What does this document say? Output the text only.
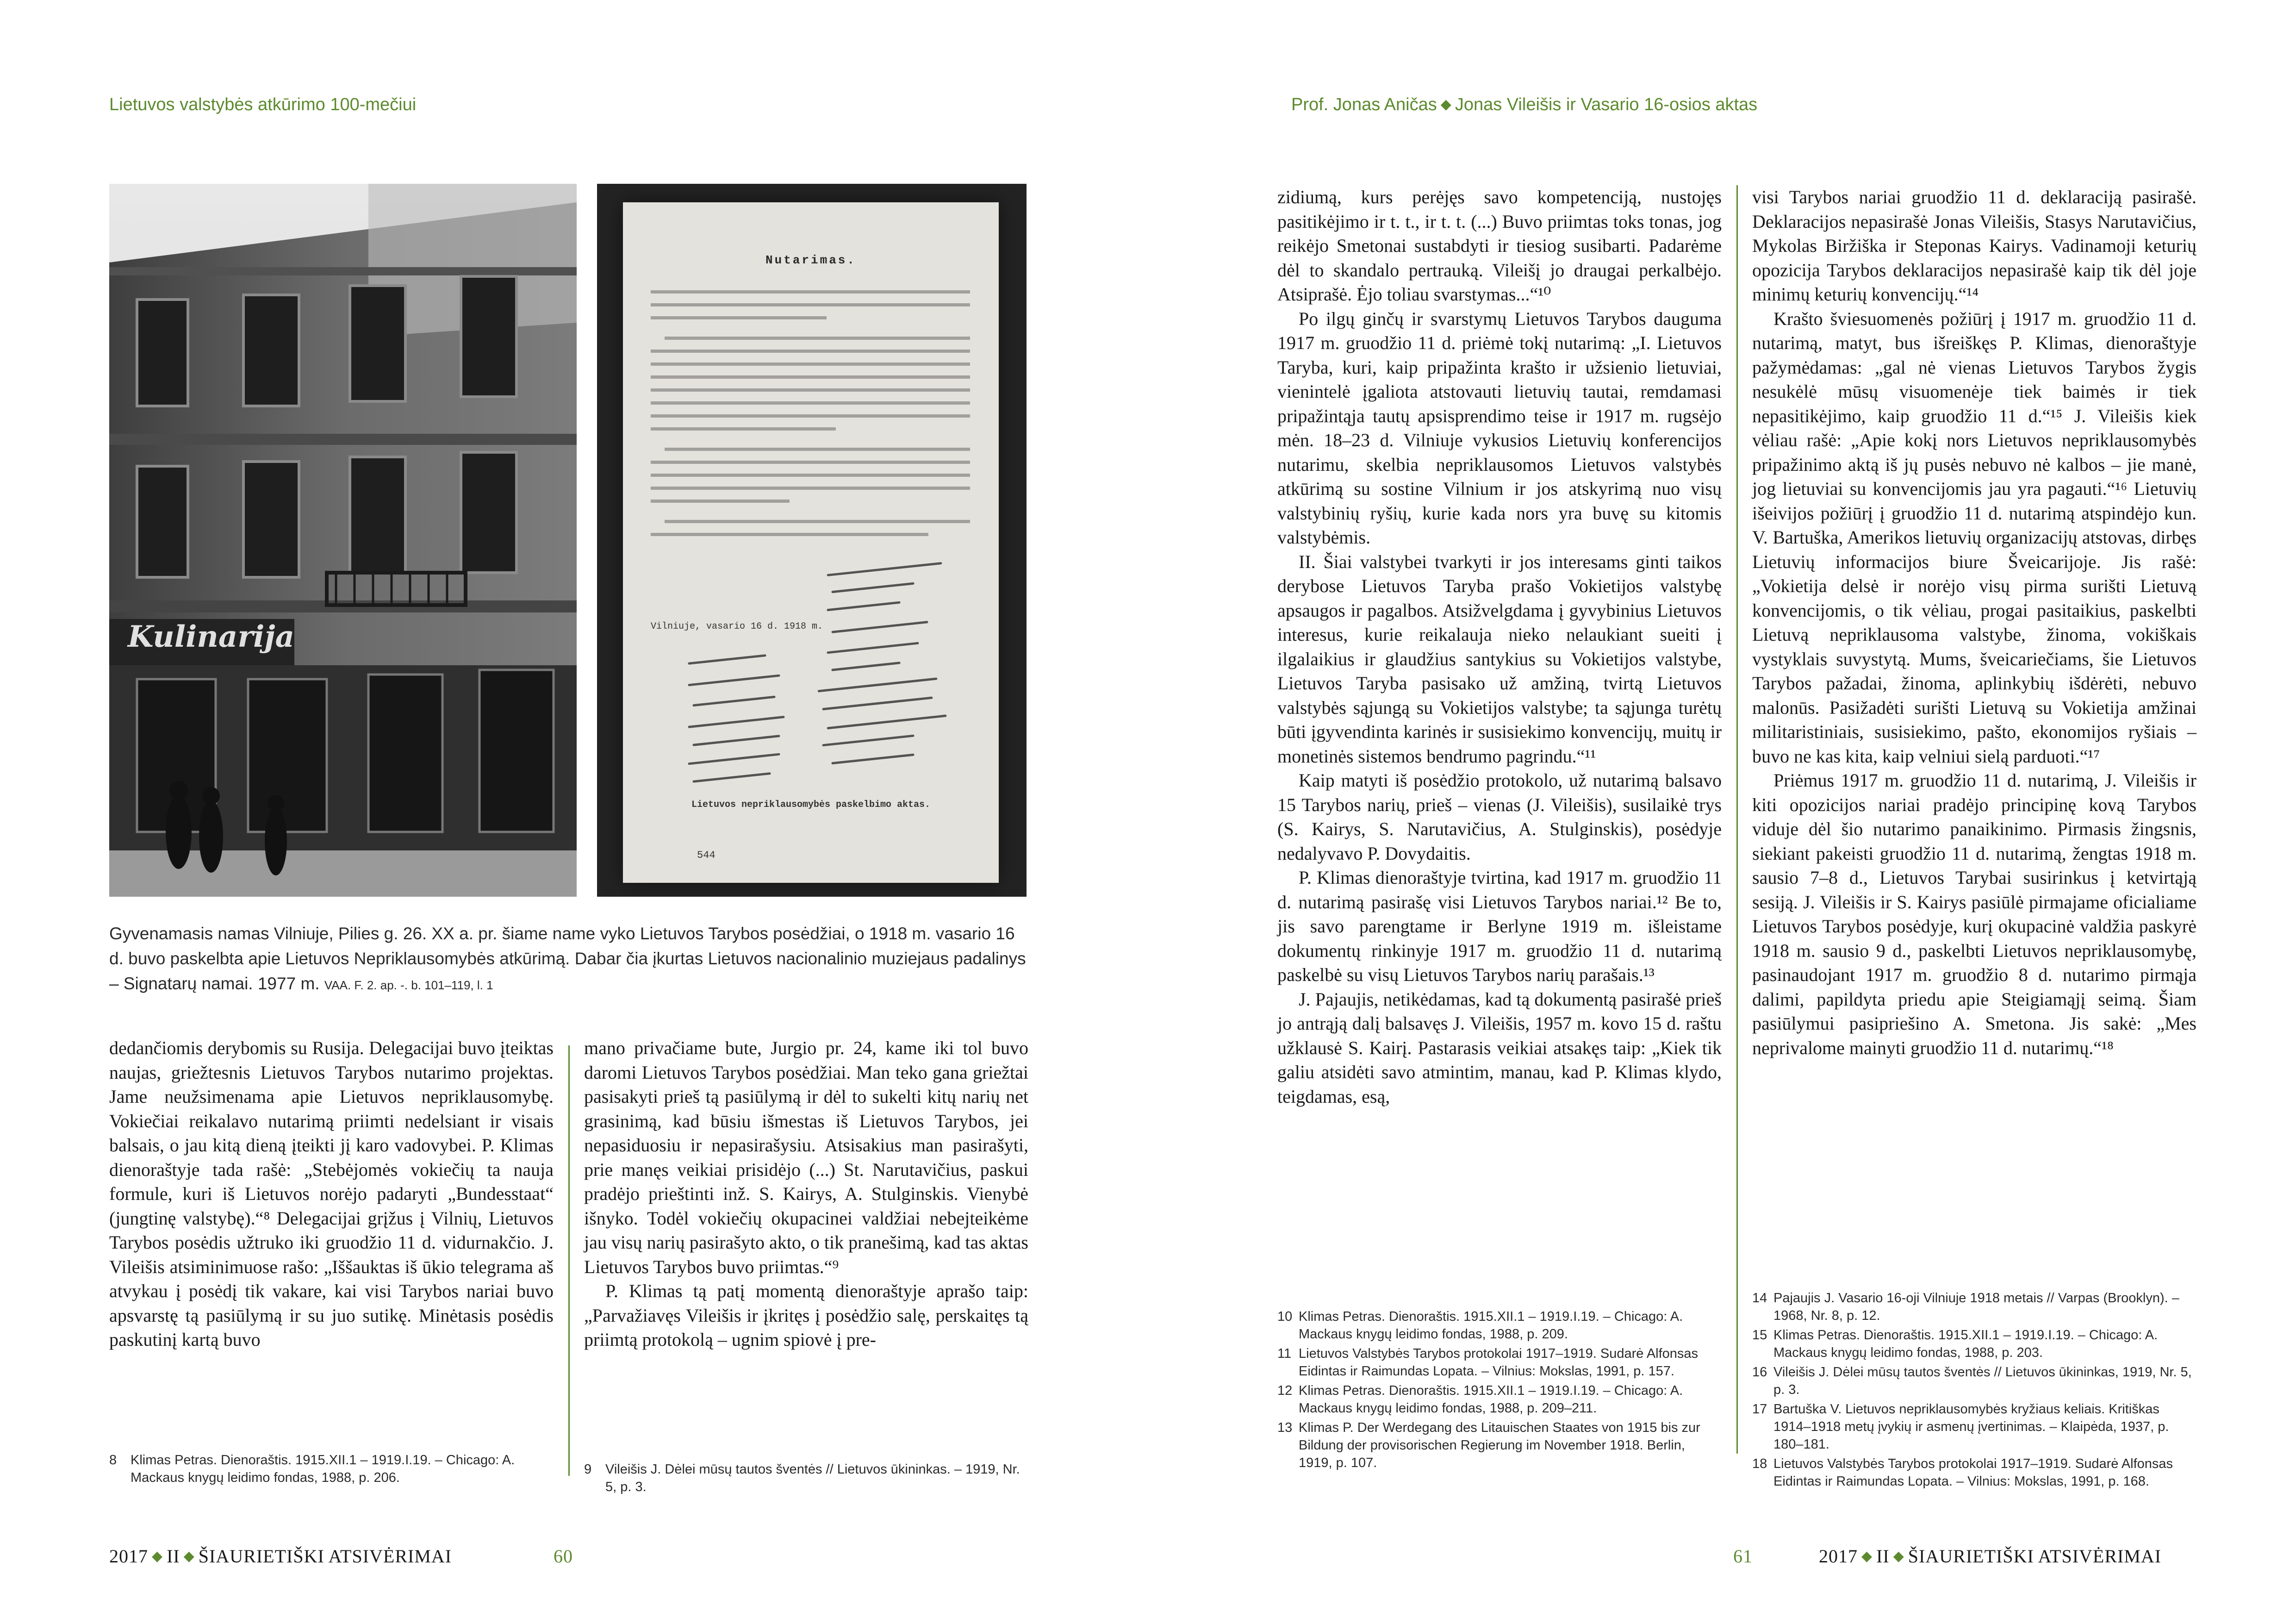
Lietuvos valstybės atkūrimo 100-mečiui	Prof. Jonas Aničas ◆ Jonas Vileišis ir Vasario 16-osios aktas
Kulinarija
Nutarimas.
Vilniuje, vasario 16 d. 1918 m.
Lietuvos nepriklausomybės paskelbimo aktas.
544
Gyvenamasis namas Vilniuje, Pilies g. 26. XX a. pr. šiame name vyko Lietuvos Tarybos posėdžiai, o 1918 m. vasario 16 d. buvo paskelbta apie Lietuvos Nepriklausomybės atkūrimą. Dabar čia įkurtas Lietuvos nacionalinio muziejaus padalinys – Signatarų namai. 1977 m. VAA. F. 2. ap. -. b. 101–119, l. 1

dedančiomis derybomis su Rusija. Delegacijai buvo įteiktas naujas, griežtesnis Lietuvos Tarybos nutarimo projektas. Jame neužsimenama apie Lietuvos nepriklausomybę. Vokiečiai reikalavo nutarimą priimti nedelsiant ir visais balsais, o jau kitą dieną įteikti jį karo vadovybei. P. Klimas dienoraštyje tada rašė: „Stebėjomės vokiečių ta nauja formule, kuri iš Lietuvos norėjo padaryti „Bundesstaat“ (jungtinę valstybę).“⁸ Delegacijai grįžus į Vilnių, Lietuvos Tarybos posėdis užtruko iki gruodžio 11 d. vidurnakčio. J. Vileišis atsiminimuose rašo: „Iššauktas iš ūkio telegrama aš atvykau į posėdį tik vakare, kai visi Tarybos nariai buvo apsvarstę tą pasiūlymą ir su juo sutikę. Minėtasis posėdis paskutinį kartą buvo

mano privačiame bute, Jurgio pr. 24, kame iki tol buvo daromi Lietuvos Tarybos posėdžiai. Man teko gana griežtai pasisakyti prieš tą pasiūlymą ir dėl to sukelti kitų narių net grasinimą, kad būsiu išmestas iš Lietuvos Tarybos, jei nepasiduosiu ir nepasirašysiu. Atsisakius man pasirašyti, prie manęs veikiai prisidėjo (...) St. Narutavičius, paskui pradėjo prieštinti inž. S. Kairys, A. Stulginskis. Vienybė išnyko. Todėl vokiečių okupacinei valdžiai nebejteikėme jau visų narių pasirašyto akto, o tik pranešimą, kad tas aktas Lietuvos Tarybos buvo priimtas.“⁹

P. Klimas tą patį momentą dienoraštyje aprašo taip: „Parvažiavęs Vileišis ir įkritęs į posėdžio salę, perskaitęs tą priimtą protokolą – ugnim spiovė į pre-

8 Klimas Petras. Dienoraštis. 1915.XII.1 – 1919.I.19. – Chicago: A. Mackaus knygų leidimo fondas, 1988, p. 206.
9 Vileišis J. Dėlei mūsų tautos šventės // Lietuvos ūkininkas. – 1919, Nr. 5, p. 3.
2017 ◆ II ◆ ŠIAURIETIŠKI ATSIVĖRIMAI	60

zidiumą, kurs perėjęs savo kompetenciją, nustojęs pasitikėjimo ir t. t., ir t. t. (...) Buvo priimtas toks tonas, jog reikėjo Smetonai sustabdyti ir tiesiog susibarti. Padarėme dėl to skandalo pertrauką. Vileišį jo draugai perkalbėjo. Atsiprašė. Ėjo toliau svarstymas...“¹⁰

Po ilgų ginčų ir svarstymų Lietuvos Tarybos dauguma 1917 m. gruodžio 11 d. priėmė tokį nutarimą: „I. Lietuvos Taryba, kuri, kaip pripažinta krašto ir užsienio lietuviai, vienintelė įgaliota atstovauti lietuvių tautai, remdamasi pripažintąja tautų apsisprendimo teise ir 1917 m. rugsėjo mėn. 18–23 d. Vilniuje vykusios Lietuvių konferencijos nutarimu, skelbia nepriklausomos Lietuvos valstybės atkūrimą su sostine Vilnium ir jos atskyrimą nuo visų valstybinių ryšių, kurie kada nors yra buvę su kitomis valstybėmis.

II. Šiai valstybei tvarkyti ir jos interesams ginti taikos derybose Lietuvos Taryba prašo Vokietijos valstybę apsaugos ir pagalbos. Atsižvelgdama į gyvybinius Lietuvos interesus, kurie reikalauja nieko nelaukiant sueiti į ilgalaikius ir glaudžius santykius su Vokietijos valstybe, Lietuvos Taryba pasisako už amžiną, tvirtą Lietuvos valstybės sąjungą su Vokietijos valstybe; ta sąjunga turėtų būti įgyvendinta karinės ir susisiekimo konvencijų, muitų ir monetinės sistemos bendrumo pagrindu.“¹¹

Kaip matyti iš posėdžio protokolo, už nutarimą balsavo 15 Tarybos narių, prieš – vienas (J. Vileišis), susilaikė trys (S. Kairys, S. Narutavičius, A. Stulginskis), posėdyje nedalyvavo P. Dovydaitis.

P. Klimas dienoraštyje tvirtina, kad 1917 m. gruodžio 11 d. nutarimą pasirašę visi Lietuvos Tarybos nariai.¹² Be to, jis savo parengtame ir Berlyne 1919 m. išleistame dokumentų rinkinyje 1917 m. gruodžio 11 d. nutarimą paskelbė su visų Lietuvos Tarybos narių parašais.¹³

J. Pajaujis, netikėdamas, kad tą dokumentą pasirašė prieš jo antrąją dalį balsavęs J. Vileišis, 1957 m. kovo 15 d. raštu užklausė S. Kairį. Pastarasis veikiai atsakęs taip: „Kiek tik galiu atsidėti savo atmintim, manau, kad P. Klimas klydo, teigdamas, esą,

visi Tarybos nariai gruodžio 11 d. deklaraciją pasirašė. Deklaracijos nepasirašė Jonas Vileišis, Stasys Narutavičius, Mykolas Biržiška ir Steponas Kairys. Vadinamoji keturių opozicija Tarybos deklaracijos nepasirašė kaip tik dėl joje minimų keturių konvencijų.“¹⁴

Krašto šviesuomenės požiūrį į 1917 m. gruodžio 11 d. nutarimą, matyt, bus išreiškęs P. Klimas, dienoraštyje pažymėdamas: „gal nė vienas Lietuvos Tarybos žygis nesukėlė mūsų visuomenėje tiek baimės ir tiek nepasitikėjimo, kaip gruodžio 11 d.“¹⁵ J. Vileišis kiek vėliau rašė: „Apie kokį nors Lietuvos nepriklausomybės pripažinimo aktą iš jų pusės nebuvo nė kalbos – jie manė, jog lietuviai su konvencijomis jau yra pagauti.“¹⁶ Lietuvių išeivijos požiūrį į gruodžio 11 d. nutarimą atspindėjo kun. V. Bartuška, Amerikos lietuvių organizacijų atstovas, dirbęs Lietuvių informacijos biure Šveicarijoje. Jis rašė: „Vokietija delsė ir norėjo visų pirma surišti Lietuvą konvencijomis, o tik vėliau, progai pasitaikius, paskelbti Lietuvą nepriklausoma valstybe, žinoma, vokiškais vystyklais suvystytą. Mums, šveicariečiams, šie Lietuvos Tarybos pažadai, žinoma, aplinkybių išdėrėti, nebuvo malonūs. Pasižadėti surišti Lietuvą su Vokietija amžinai militaristiniais, susisiekimo, pašto, ekonomijos ryšiais – buvo ne kas kita, kaip velniui sielą parduoti.“¹⁷

Priėmus 1917 m. gruodžio 11 d. nutarimą, J. Vileišis ir kiti opozicijos nariai pradėjo principinę kovą Tarybos viduje dėl šio nutarimo panaikinimo. Pirmasis žingsnis, siekiant pakeisti gruodžio 11 d. nutarimą, žengtas 1918 m. sausio 7–8 d., Lietuvos Tarybai susirinkus į ketvirtąją sesiją. J. Vileišis ir S. Kairys pasiūlė pirmajame oficialiame Lietuvos Tarybos posėdyje, kurį okupacinė valdžia paskyrė 1918 m. sausio 9 d., paskelbti Lietuvos nepriklausomybę, pasinaudojant 1917 m. gruodžio 8 d. nutarimo pirmąja dalimi, papildyta priedu apie Steigiamąjį seimą. Šiam pasiūlymui pasipriešino A. Smetona. Jis sakė: „Mes neprivalome mainyti gruodžio 11 d. nutarimų.“¹⁸

10 Klimas Petras. Dienoraštis. 1915.XII.1 – 1919.I.19. – Chicago: A. Mackaus knygų leidimo fondas, 1988, p. 209.
11 Lietuvos Valstybės Tarybos protokolai 1917–1919. Sudarė Alfonsas Eidintas ir Raimundas Lopata. – Vilnius: Mokslas, 1991, p. 157.
12 Klimas Petras. Dienoraštis. 1915.XII.1 – 1919.I.19. – Chicago: A. Mackaus knygų leidimo fondas, 1988, p. 209–211.
13 Klimas P. Der Werdegang des Litauischen Staates von 1915 bis zur Bildung der provisorischen Regierung im November 1918. Berlin, 1919, p. 107.
14 Pajaujis J. Vasario 16-oji Vilniuje 1918 metais // Varpas (Brooklyn). – 1968, Nr. 8, p. 12.
15 Klimas Petras. Dienoraštis. 1915.XII.1 – 1919.I.19. – Chicago: A. Mackaus knygų leidimo fondas, 1988, p. 203.
16 Vileišis J. Dėlei mūsų tautos šventės // Lietuvos ūkininkas, 1919, Nr. 5, p. 3.
17 Bartuška V. Lietuvos nepriklausomybės kryžiaus keliais. Kritiškas 1914–1918 metų įvykių ir asmenų įvertinimas. – Klaipėda, 1937, p. 180–181.
18 Lietuvos Valstybės Tarybos protokolai 1917–1919. Sudarė Alfonsas Eidintas ir Raimundas Lopata. – Vilnius: Mokslas, 1991, p. 168.
61	2017 ◆ II ◆ ŠIAURIETIŠKI ATSIVĖRIMAI
